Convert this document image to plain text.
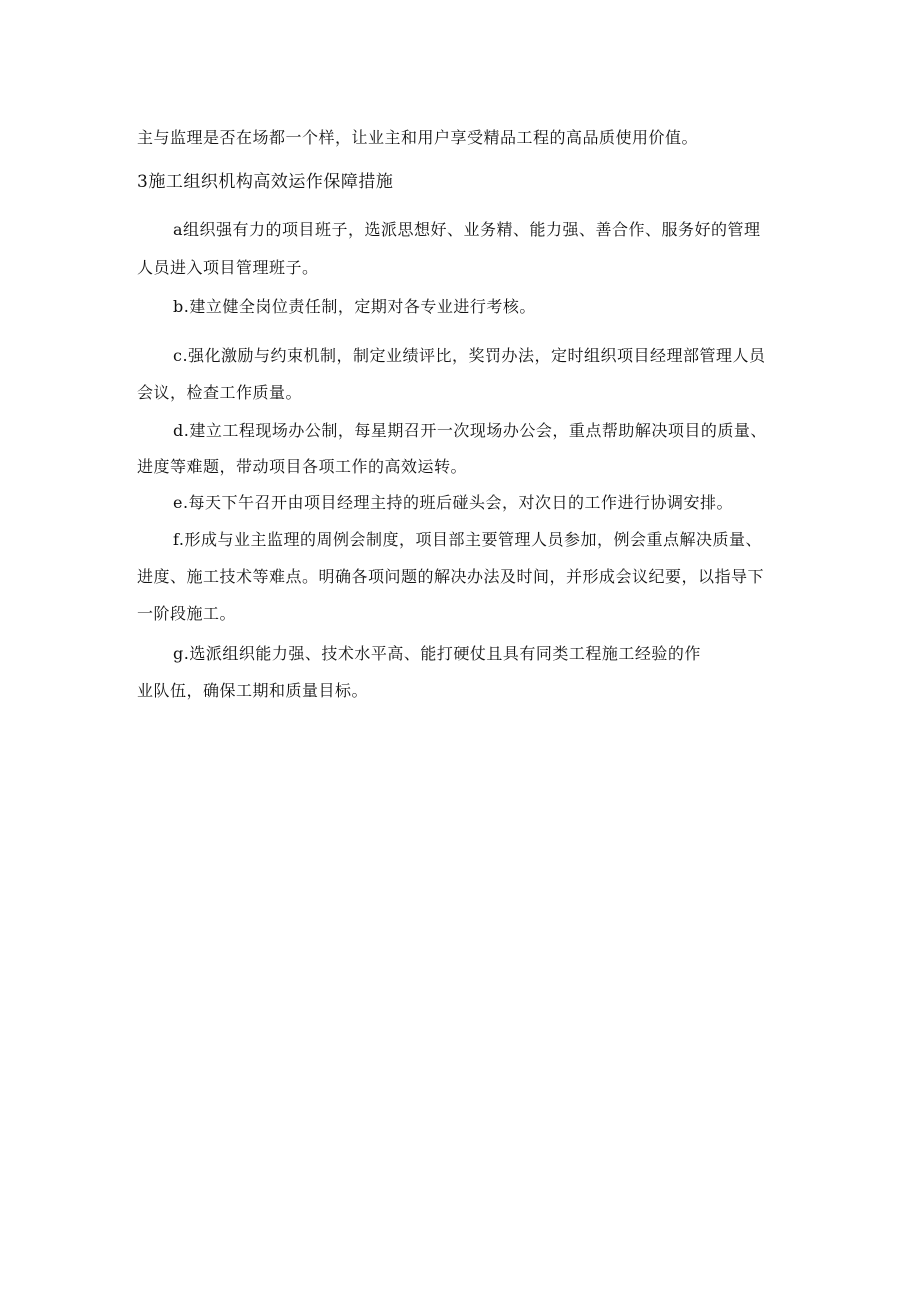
主与监理是否在场都一个样，让业主和用户享受精品工程的高品质使用价值。
3施工组织机构高效运作保障措施
a组织强有力的项目班子，选派思想好、业务精、能力强、善合作、服务好的管理
人员进入项目管理班子。
b.建立健全岗位责任制，定期对各专业进行考核。
c.强化激励与约束机制，制定业绩评比，奖罚办法，定时组织项目经理部管理人员
会议，检查工作质量。
d.建立工程现场办公制，每星期召开一次现场办公会，重点帮助解决项目的质量、
进度等难题，带动项目各项工作的高效运转。
e.每天下午召开由项目经理主持的班后碰头会，对次日的工作进行协调安排。
f.形成与业主监理的周例会制度，项目部主要管理人员参加，例会重点解决质量、
进度、施工技术等难点。明确各项问题的解决办法及时间，并形成会议纪要，以指导下
一阶段施工。
g.选派组织能力强、技术水平高、能打硬仗且具有同类工程施工经验的作
业队伍，确保工期和质量目标。
